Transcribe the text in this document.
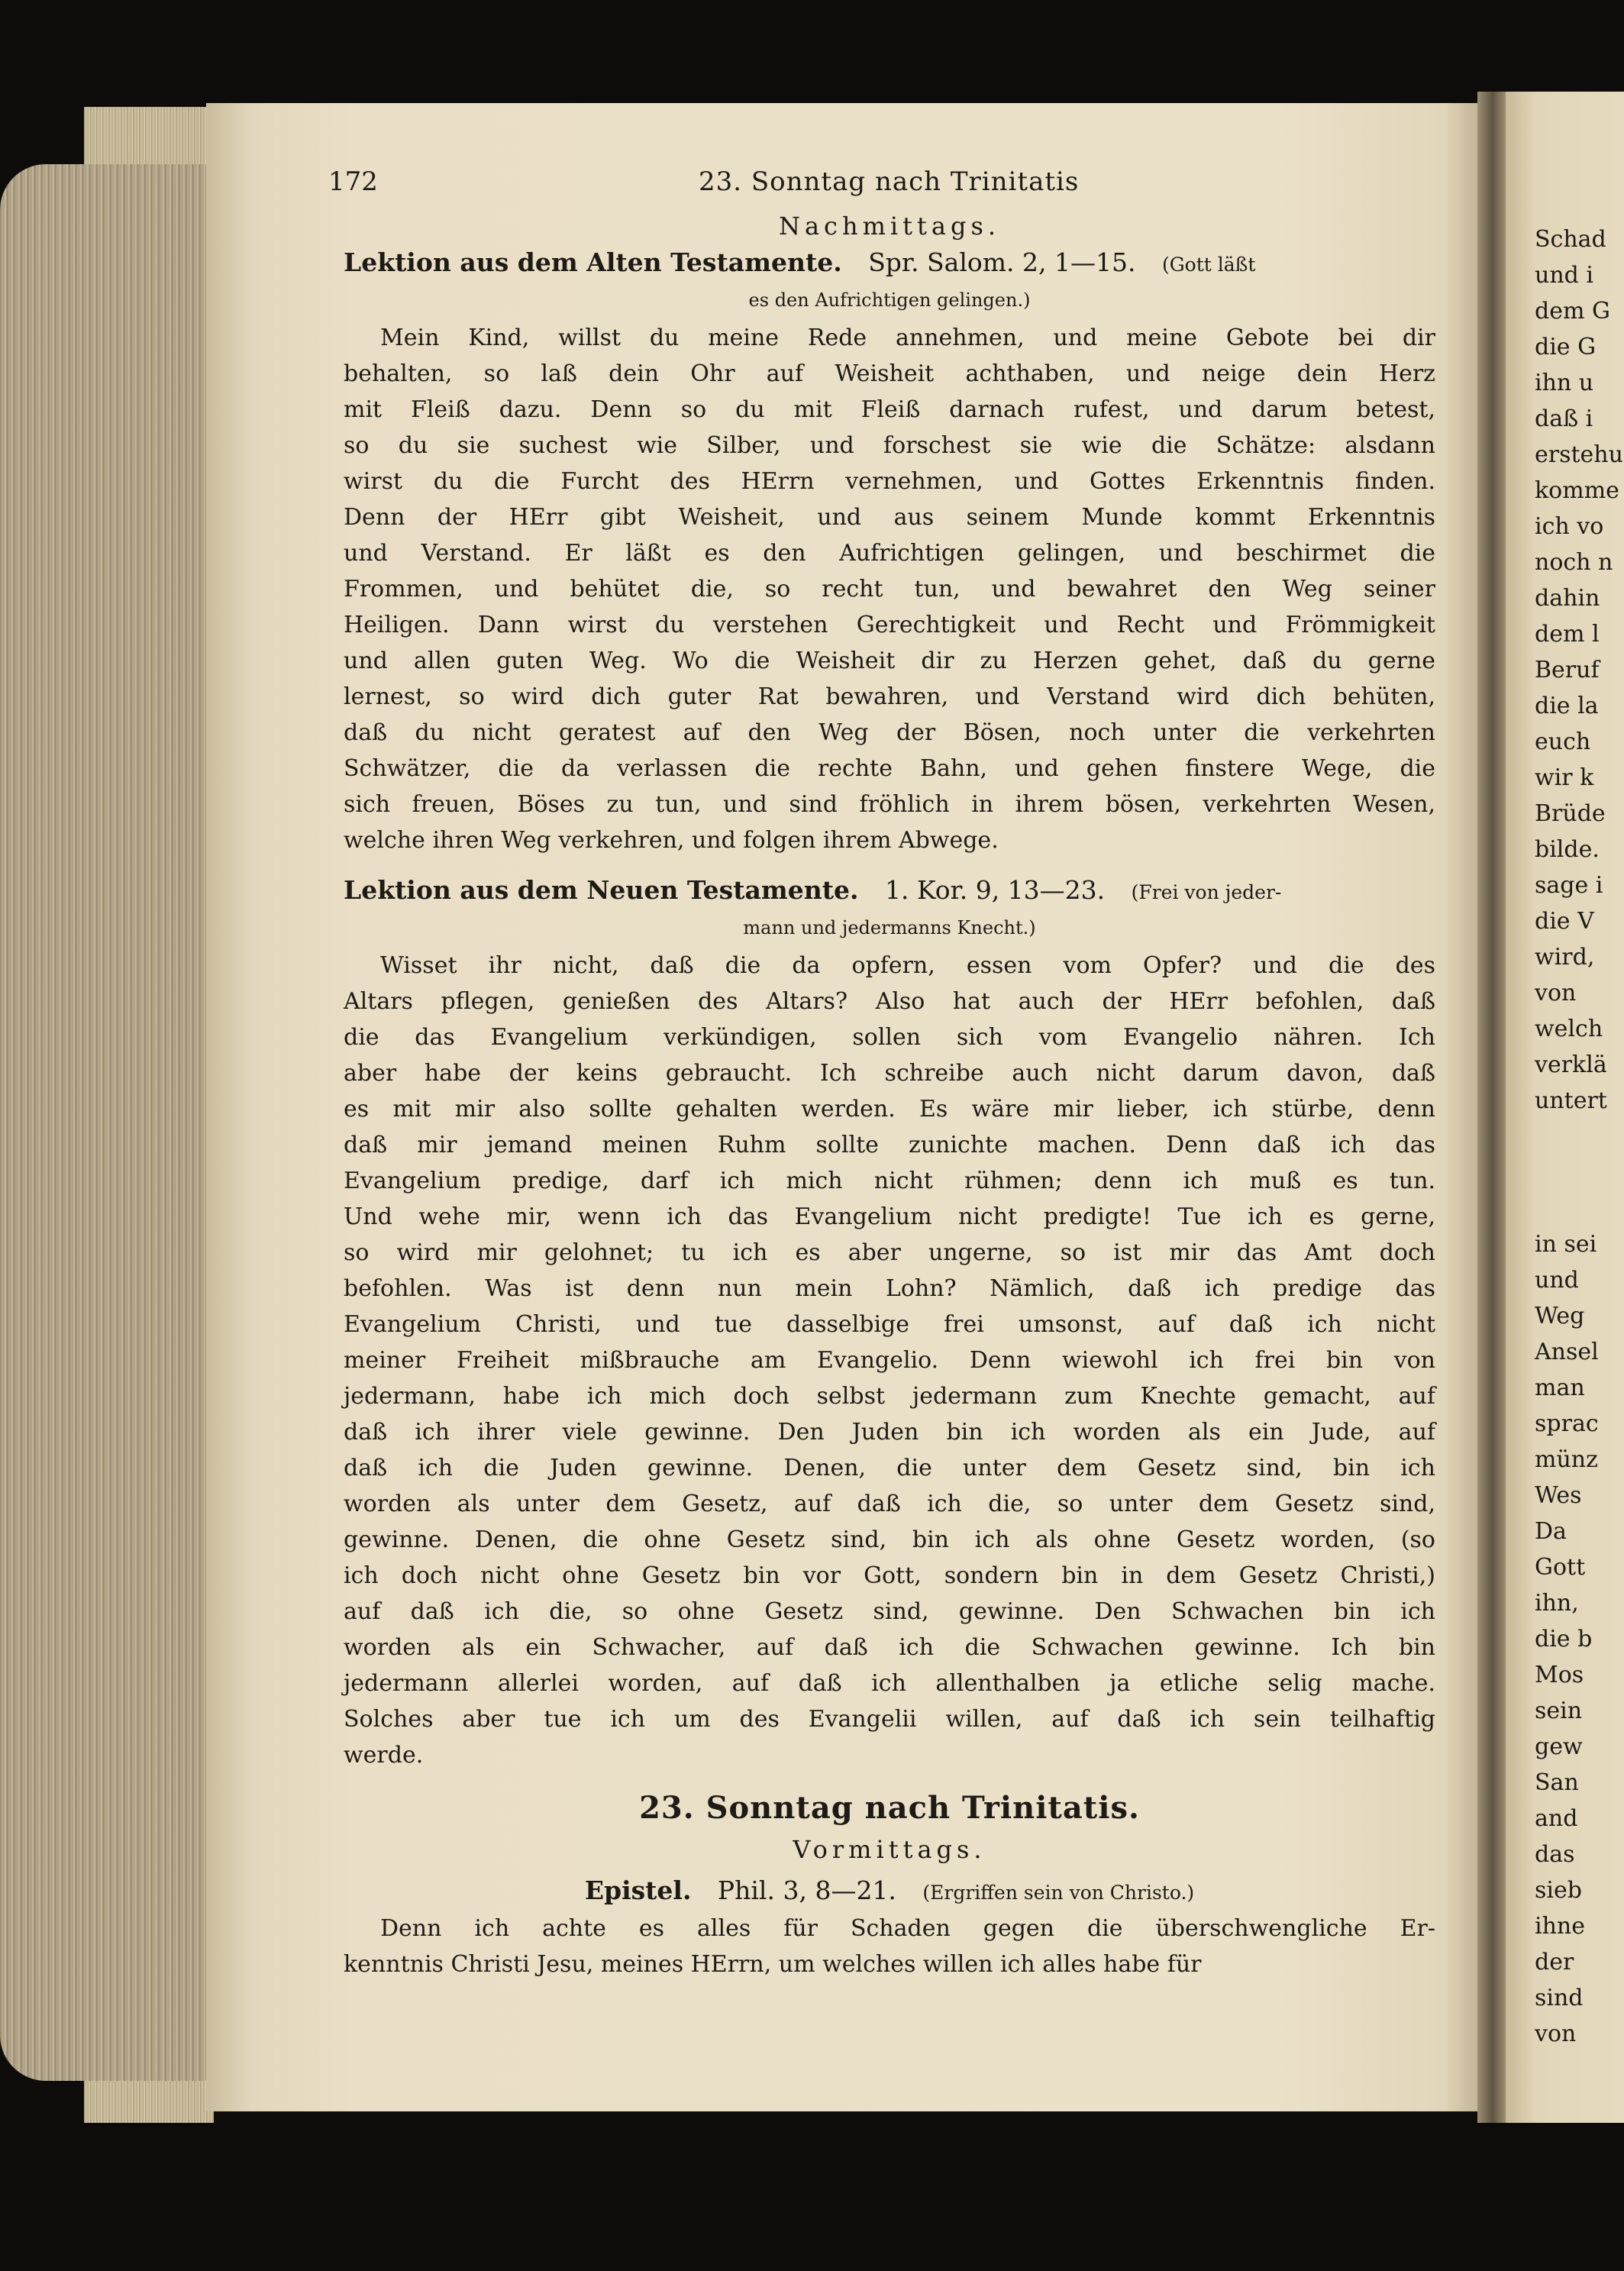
172	23. Sonntag nach Trinitatis
Nachmittags.
Lektion aus dem Alten Testamente. Spr. Salom. 2, 1—15. (Gott läßt
es den Aufrichtigen gelingen.)

Mein Kind, willst du meine Rede annehmen, und meine Gebote bei dir
behalten, so laß dein Ohr auf Weisheit achthaben, und neige dein Herz
mit Fleiß dazu. Denn so du mit Fleiß darnach rufest, und darum betest,
so du sie suchest wie Silber, und forschest sie wie die Schätze: alsdann
wirst du die Furcht des HErrn vernehmen, und Gottes Erkenntnis finden.
Denn der HErr gibt Weisheit, und aus seinem Munde kommt Erkenntnis
und Verstand. Er läßt es den Aufrichtigen gelingen, und beschirmet die
Frommen, und behütet die, so recht tun, und bewahret den Weg seiner
Heiligen. Dann wirst du verstehen Gerechtigkeit und Recht und Frömmigkeit
und allen guten Weg. Wo die Weisheit dir zu Herzen gehet, daß du gerne
lernest, so wird dich guter Rat bewahren, und Verstand wird dich behüten,
daß du nicht geratest auf den Weg der Bösen, noch unter die verkehrten
Schwätzer, die da verlassen die rechte Bahn, und gehen finstere Wege, die
sich freuen, Böses zu tun, und sind fröhlich in ihrem bösen, verkehrten Wesen,
welche ihren Weg verkehren, und folgen ihrem Abwege.

Lektion aus dem Neuen Testamente. 1. Kor. 9, 13—23. (Frei von jeder-
mann und jedermanns Knecht.)

Wisset ihr nicht, daß die da opfern, essen vom Opfer? und die des
Altars pflegen, genießen des Altars? Also hat auch der HErr befohlen, daß
die das Evangelium verkündigen, sollen sich vom Evangelio nähren. Ich
aber habe der keins gebraucht. Ich schreibe auch nicht darum davon, daß
es mit mir also sollte gehalten werden. Es wäre mir lieber, ich stürbe, denn
daß mir jemand meinen Ruhm sollte zunichte machen. Denn daß ich das
Evangelium predige, darf ich mich nicht rühmen; denn ich muß es tun.
Und wehe mir, wenn ich das Evangelium nicht predigte! Tue ich es gerne,
so wird mir gelohnet; tu ich es aber ungerne, so ist mir das Amt doch
befohlen. Was ist denn nun mein Lohn? Nämlich, daß ich predige das
Evangelium Christi, und tue dasselbige frei umsonst, auf daß ich nicht
meiner Freiheit mißbrauche am Evangelio. Denn wiewohl ich frei bin von
jedermann, habe ich mich doch selbst jedermann zum Knechte gemacht, auf
daß ich ihrer viele gewinne. Den Juden bin ich worden als ein Jude, auf
daß ich die Juden gewinne. Denen, die unter dem Gesetz sind, bin ich
worden als unter dem Gesetz, auf daß ich die, so unter dem Gesetz sind,
gewinne. Denen, die ohne Gesetz sind, bin ich als ohne Gesetz worden, (so
ich doch nicht ohne Gesetz bin vor Gott, sondern bin in dem Gesetz Christi,)
auf daß ich die, so ohne Gesetz sind, gewinne. Den Schwachen bin ich
worden als ein Schwacher, auf daß ich die Schwachen gewinne. Ich bin
jedermann allerlei worden, auf daß ich allenthalben ja etliche selig mache.
Solches aber tue ich um des Evangelii willen, auf daß ich sein teilhaftig
werde.

23. Sonntag nach Trinitatis.
Vormittags.
Epistel. Phil. 3, 8—21. (Ergriffen sein von Christo.)

Denn ich achte es alles für Schaden gegen die überschwengliche Er-
kenntnis Christi Jesu, meines HErrn, um welches willen ich alles habe für

Schad
und i
dem G
die G
ihn u
daß i
erstehu
komme
ich vo
noch n
dahin
dem l
Beruf
die la
euch
wir k
Brüde
bilde.
sage i
die V
wird,
von
welch
verklä
untert

in sei
und
Weg
Ansel
man
sprac
münz
Wes
Da
Gott
ihn,
die b
Mos
sein
gew
San
and
das
sieb
ihne
der
sind
von
